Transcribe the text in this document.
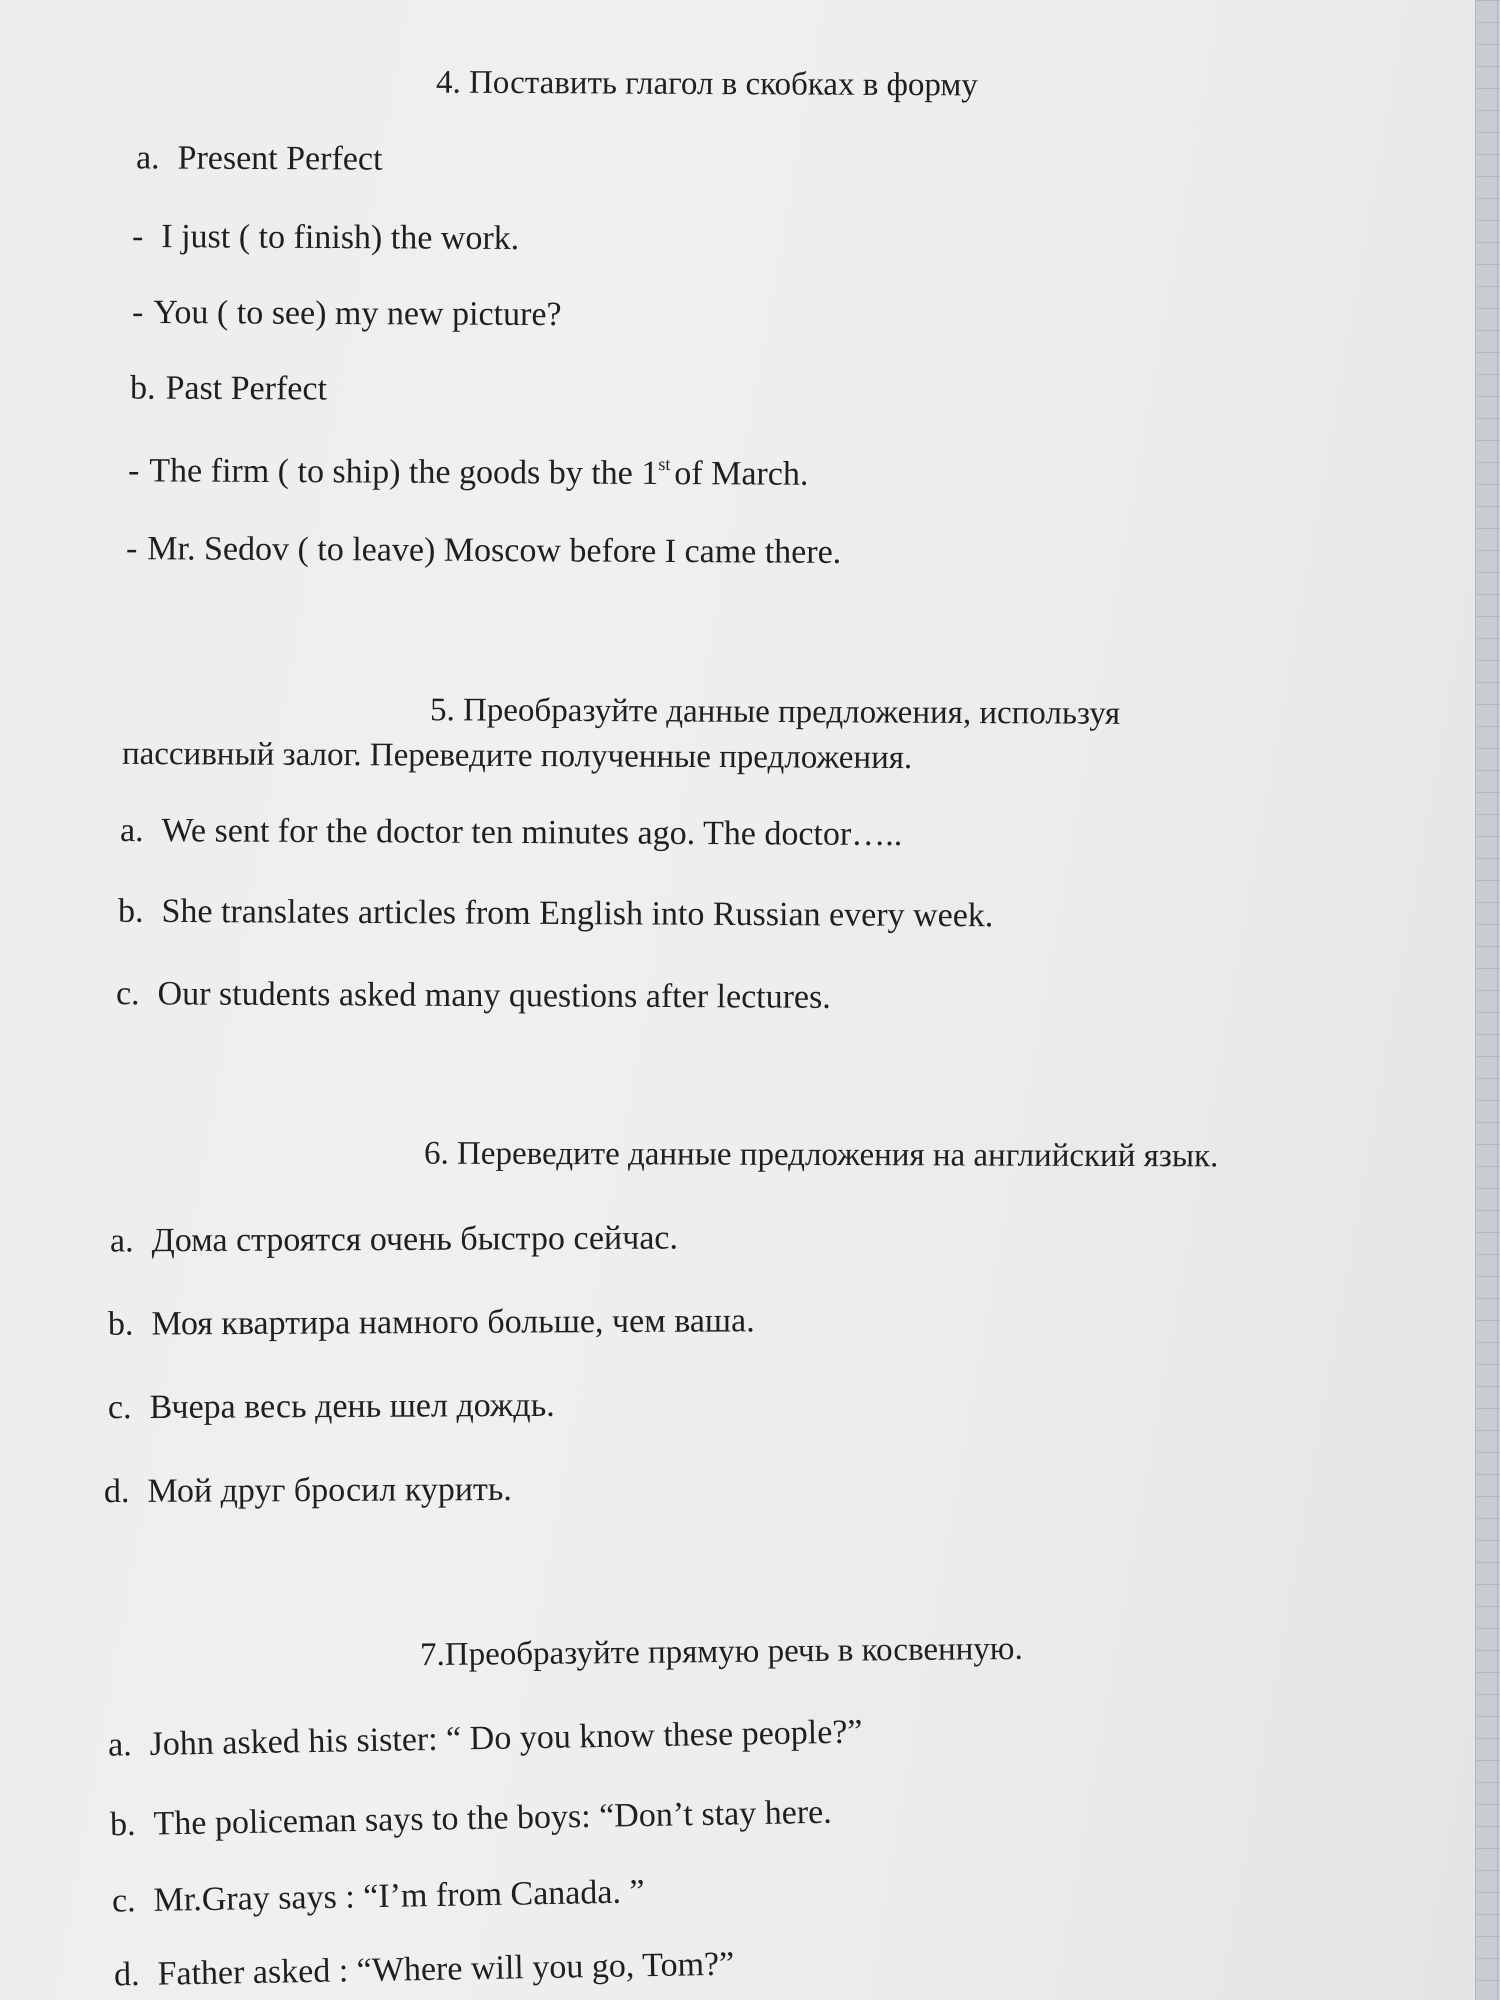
4. Поставить глагол в скобках в форму
a. Present Perfect
- I just ( to finish) the work.
- You ( to see) my new picture?
b. Past Perfect
- The firm ( to ship) the goods by the 1st of March.
- Mr. Sedov ( to leave) Moscow before I came there.
5. Преобразуйте данные предложения, используя
пассивный залог. Переведите полученные предложения.
a. We sent for the doctor ten minutes ago. The doctor…..
b. She translates articles from English into Russian every week.
c. Our students asked many questions after lectures.
6. Переведите данные предложения на английский язык.
a. Дома строятся очень быстро сейчас.
b. Моя квартира намного больше, чем ваша.
c. Вчера весь день шел дождь.
d. Мой друг бросил курить.
7.Преобразуйте прямую речь в косвенную.
a. John asked his sister: “ Do you know these people?”
b. The policeman says to the boys: “Don’t stay here.
c. Mr.Gray says : “I’m from Canada. ”
d. Father asked : “Where will you go, Tom?”
